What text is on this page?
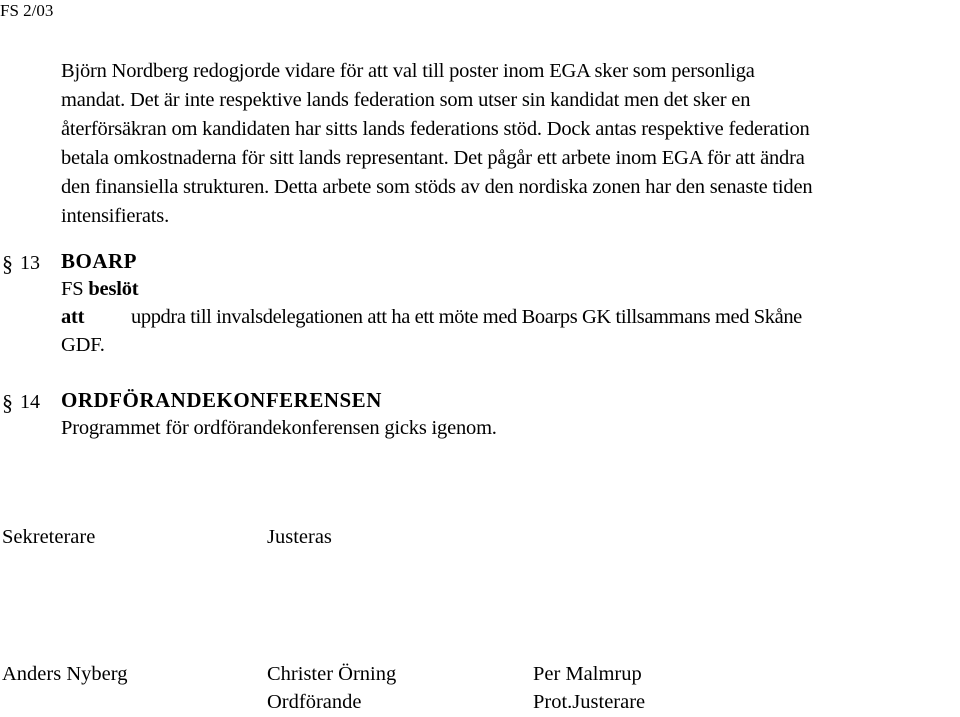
FS 2/03
Björn Nordberg redogjorde vidare för att val till poster inom EGA sker som personliga
mandat. Det är inte respektive lands federation som utser sin kandidat men det sker en
återförsäkran om kandidaten har sitts lands federations stöd. Dock antas respektive federation
betala omkostnaderna för sitt lands representant. Det pågår ett arbete inom EGA för att ändra
den finansiella strukturen. Detta arbete som stöds av den nordiska zonen har den senaste tiden
intensifierats.
§ 13 BOARP
FS beslöt
att uppdra till invalsdelegationen att ha ett möte med Boarps GK tillsammans med Skåne
GDF.
§ 14 ORDFÖRANDEKONFERENSEN
Programmet för ordförandekonferensen gicks igenom.
Sekreterare	Justeras
Anders Nyberg	Christer Örning
Ordförande
Per Malmrup
Prot.Justerare
